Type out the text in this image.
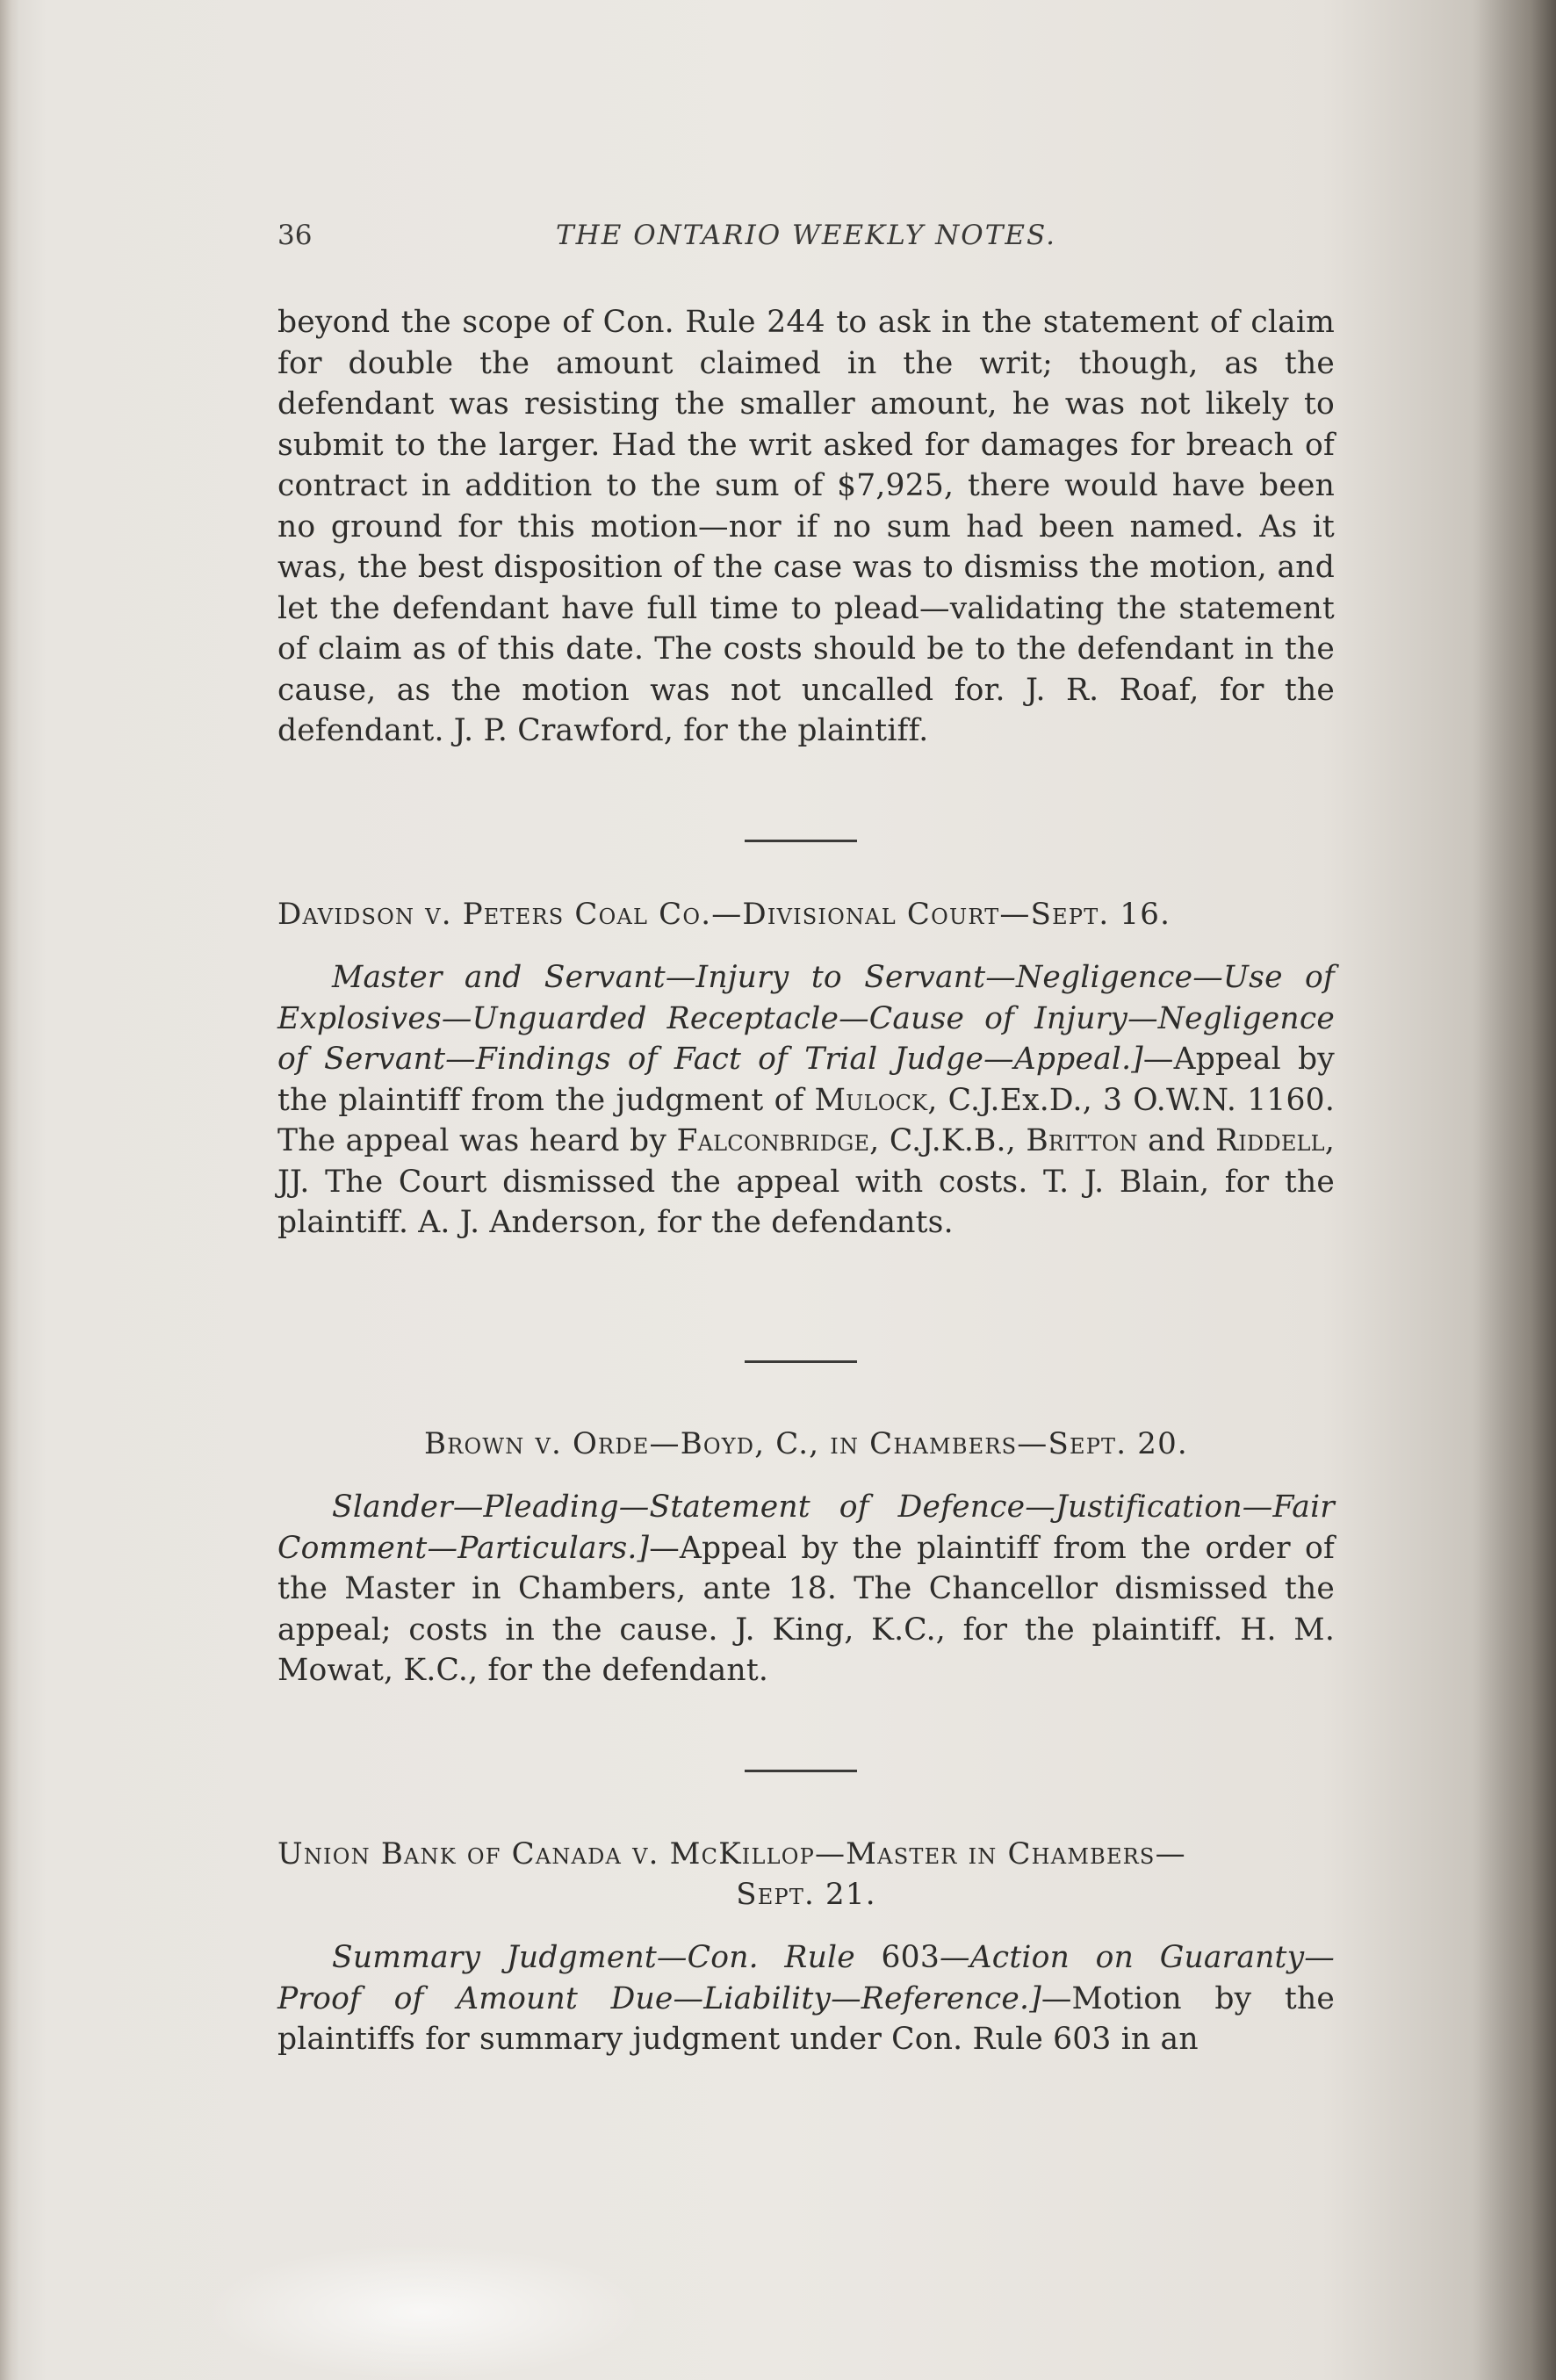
36	THE ONTARIO WEEKLY NOTES.

beyond the scope of Con. Rule 244 to ask in the statement of claim for double the amount claimed in the writ; though, as the defendant was resisting the smaller amount, he was not likely to submit to the larger. Had the writ asked for damages for breach of contract in addition to the sum of $7,925, there would have been no ground for this motion—nor if no sum had been named. As it was, the best disposition of the case was to dismiss the motion, and let the defendant have full time to plead—validating the statement of claim as of this date. The costs should be to the defendant in the cause, as the motion was not uncalled for. J. R. Roaf, for the defendant. J. P. Crawford, for the plaintiff.

Davidson v. Peters Coal Co.—Divisional Court—Sept. 16.

Master and Servant—Injury to Servant—Negligence—Use of Explosives—Unguarded Receptacle—Cause of Injury—Negligence of Servant—Findings of Fact of Trial Judge—Appeal.]—Appeal by the plaintiff from the judgment of Mulock, C.J.Ex.D., 3 O.W.N. 1160. The appeal was heard by Falconbridge, C.J.K.B., Britton and Riddell, JJ. The Court dismissed the appeal with costs. T. J. Blain, for the plaintiff. A. J. Anderson, for the defendants.

Brown v. Orde—Boyd, C., in Chambers—Sept. 20.

Slander—Pleading—Statement of Defence—Justification—Fair Comment—Particulars.]—Appeal by the plaintiff from the order of the Master in Chambers, ante 18. The Chancellor dismissed the appeal; costs in the cause. J. King, K.C., for the plaintiff. H. M. Mowat, K.C., for the defendant.

Union Bank of Canada v. McKillop—Master in Chambers—

Sept. 21.

Summary Judgment—Con. Rule 603—Action on Guaranty—Proof of Amount Due—Liability—Reference.]—Motion by the plaintiffs for summary judgment under Con. Rule 603 in an
